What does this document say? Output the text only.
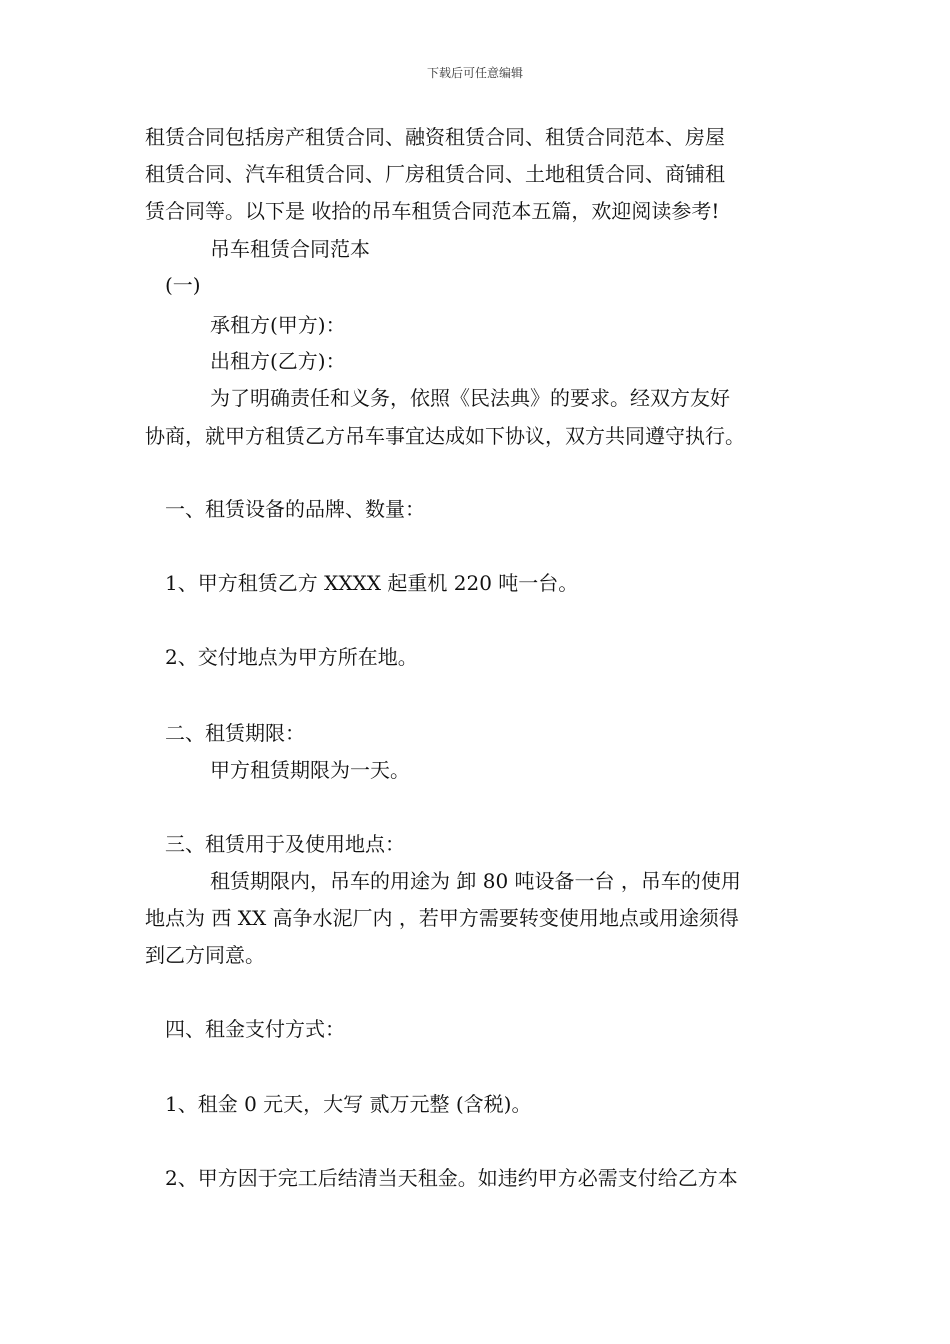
下载后可任意编辑
租赁合同包括房产租赁合同、融资租赁合同、租赁合同范本、房屋
租赁合同、汽车租赁合同、厂房租赁合同、土地租赁合同、商铺租
赁合同等。以下是 收拾的吊车租赁合同范本五篇，欢迎阅读参考!
吊车租赁合同范本
(一)
承租方(甲方)：
出租方(乙方)：
为了明确责任和义务，依照《民法典》的要求。经双方友好
协商，就甲方租赁乙方吊车事宜达成如下协议，双方共同遵守执行。
一、租赁设备的品牌、数量：
1、甲方租赁乙方 XXXX 起重机 220 吨一台。
2、交付地点为甲方所在地。
二、租赁期限：
甲方租赁期限为一天。
三、租赁用于及使用地点：
租赁期限内，吊车的用途为 卸 80 吨设备一台 ，吊车的使用
地点为 西 XX 高争水泥厂内 ，若甲方需要转变使用地点或用途须得
到乙方同意。
四、租金支付方式：
1、租金 0 元天，大写 贰万元整 (含税)。
2、甲方因于完工后结清当天租金。如违约甲方必需支付给乙方本
